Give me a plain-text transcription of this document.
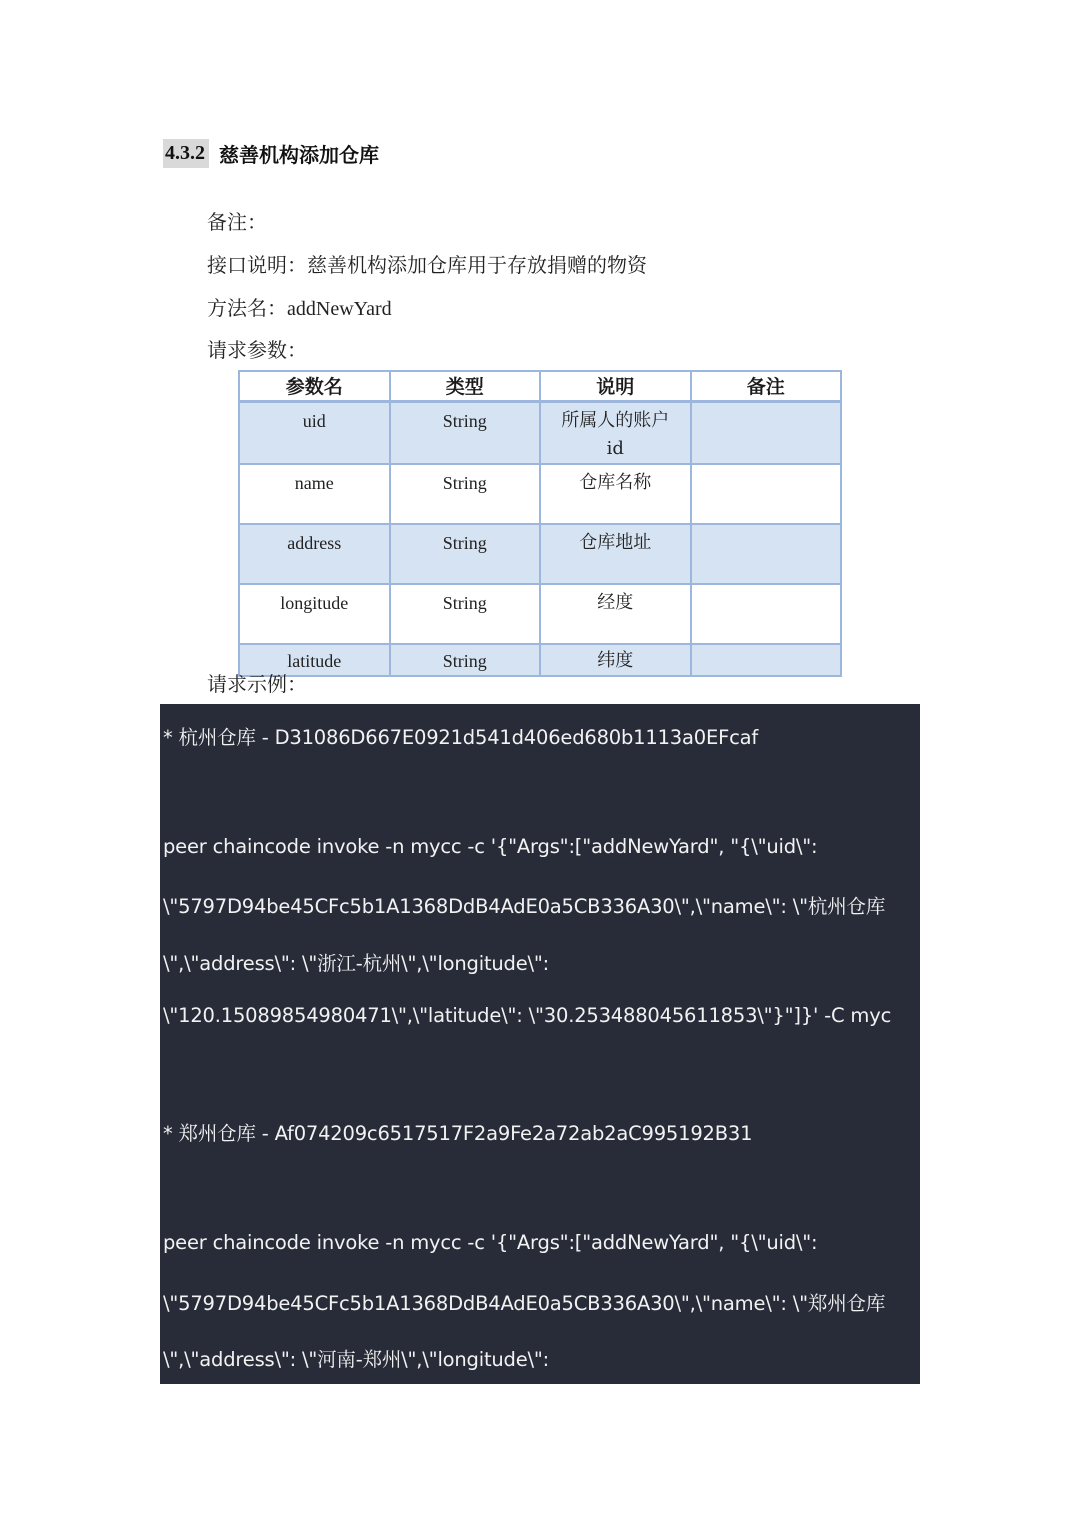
4.3.2 慈善机构添加仓库
备注：
接口说明：慈善机构添加仓库用于存放捐赠的物资
方法名：addNewYard
请求参数：
参数名	类型	说明	备注
uid	String	所属人的账户 id	
name	String	仓库名称	
address	String	仓库地址	
longitude	String	经度	
latitude	String	纬度	
请求示例：
* 杭州仓库 - D31086D667E0921d541d406ed680b1113a0EFcaf
peer chaincode invoke -n mycc -c '{"Args":["addNewYard", "{\"uid\":
\"5797D94be45CFc5b1A1368DdB4AdE0a5CB336A30\",\"name\": \"杭州仓库
\",\"address\": \"浙江-杭州\",\"longitude\":
\"120.15089854980471\",\"latitude\": \"30.253488045611853\"}"]}' -C myc
* 郑州仓库 - Af074209c6517517F2a9Fe2a72ab2aC995192B31
peer chaincode invoke -n mycc -c '{"Args":["addNewYard", "{\"uid\":
\"5797D94be45CFc5b1A1368DdB4AdE0a5CB336A30\",\"name\": \"郑州仓库
\",\"address\": \"河南-郑州\",\"longitude\":
